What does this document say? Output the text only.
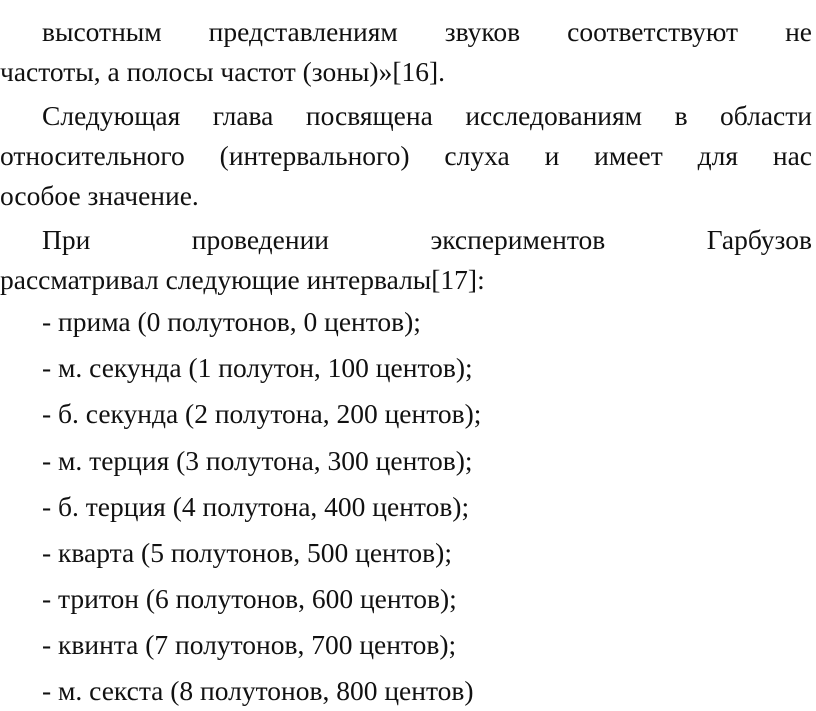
высотным представлениям звуков соответствуют не
частоты, а полосы частот (зоны)»[16].
Следующая глава посвящена исследованиям в области
относительного (интервального) слуха и имеет для нас
особое значение.
При проведении экспериментов Гарбузов
рассматривал следующие интервалы[17]:
- прима (0 полутонов, 0 центов);
- м. секунда (1 полутон, 100 центов);
- б. секунда (2 полутона, 200 центов);
- м. терция (3 полутона, 300 центов);
- б. терция (4 полутона, 400 центов);
- кварта (5 полутонов, 500 центов);
- тритон (6 полутонов, 600 центов);
- квинта (7 полутонов, 700 центов);
- м. секста (8 полутонов, 800 центов)
